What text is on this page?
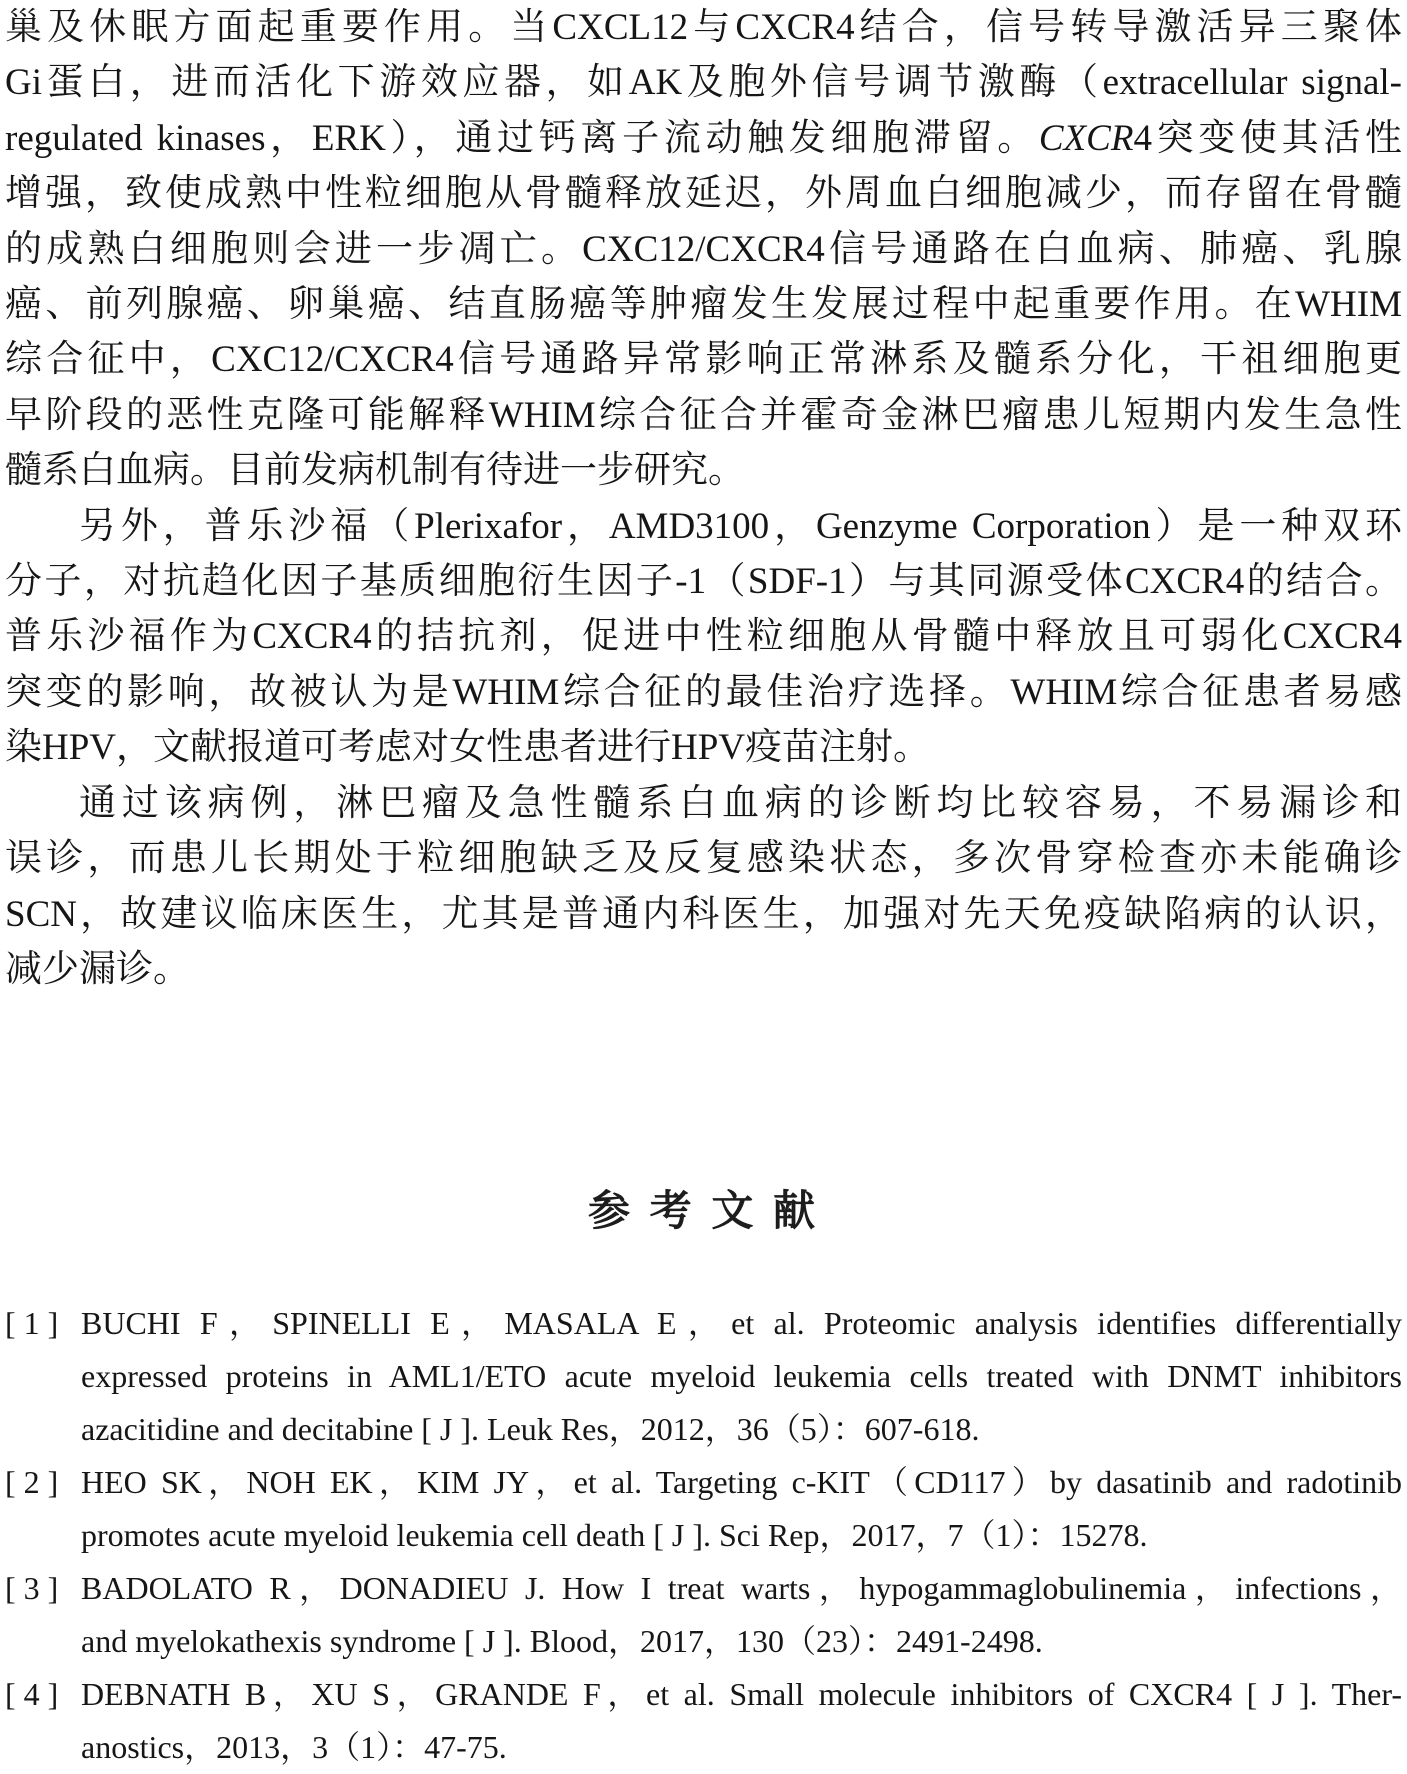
巢及休眠方面起重要作用。当CXCL12与CXCR4结合，信号转导激活异三聚体
Gi蛋白，进而活化下游效应器，如AK及胞外信号调节激酶（extracellular signal-
regulated kinases，ERK），通过钙离子流动触发细胞滞留。CXCR4突变使其活性
增强，致使成熟中性粒细胞从骨髓释放延迟，外周血白细胞减少，而存留在骨髓
的成熟白细胞则会进一步凋亡。CXC12/CXCR4信号通路在白血病、肺癌、乳腺
癌、前列腺癌、卵巢癌、结直肠癌等肿瘤发生发展过程中起重要作用。在WHIM
综合征中，CXC12/CXCR4信号通路异常影响正常淋系及髓系分化，干祖细胞更
早阶段的恶性克隆可能解释WHIM综合征合并霍奇金淋巴瘤患儿短期内发生急性
髓系白血病。目前发病机制有待进一步研究。
另外，普乐沙福（Plerixafor，AMD3100，Genzyme Corporation）是一种双环
分子，对抗趋化因子基质细胞衍生因子-1（SDF-1）与其同源受体CXCR4的结合。
普乐沙福作为CXCR4的拮抗剂，促进中性粒细胞从骨髓中释放且可弱化CXCR4
突变的影响，故被认为是WHIM综合征的最佳治疗选择。WHIM综合征患者易感
染HPV，文献报道可考虑对女性患者进行HPV疫苗注射。
通过该病例，淋巴瘤及急性髓系白血病的诊断均比较容易，不易漏诊和
误诊，而患儿长期处于粒细胞缺乏及反复感染状态，多次骨穿检查亦未能确诊
SCN，故建议临床医生，尤其是普通内科医生，加强对先天免疫缺陷病的认识，
减少漏诊。
参 考 文 献
[ 1 ] BUCHI F，SPINELLI E，MASALA E，et al. Proteomic analysis identifies differentially
expressed proteins in AML1/ETO acute myeloid leukemia cells treated with DNMT inhibitors
azacitidine and decitabine [ J ]. Leuk Res，2012，36（5）：607-618.
[ 2 ] HEO SK，NOH EK，KIM JY，et al. Targeting c-KIT（CD117）by dasatinib and radotinib
promotes acute myeloid leukemia cell death [ J ]. Sci Rep，2017，7（1）：15278.
[ 3 ] BADOLATO R，DONADIEU J. How I treat warts，hypogammaglobulinemia，infections，
and myelokathexis syndrome [ J ]. Blood，2017，130（23）：2491-2498.
[ 4 ] DEBNATH B，XU S，GRANDE F，et al. Small molecule inhibitors of CXCR4 [ J ]. Ther-
anostics，2013，3（1）：47-75.
